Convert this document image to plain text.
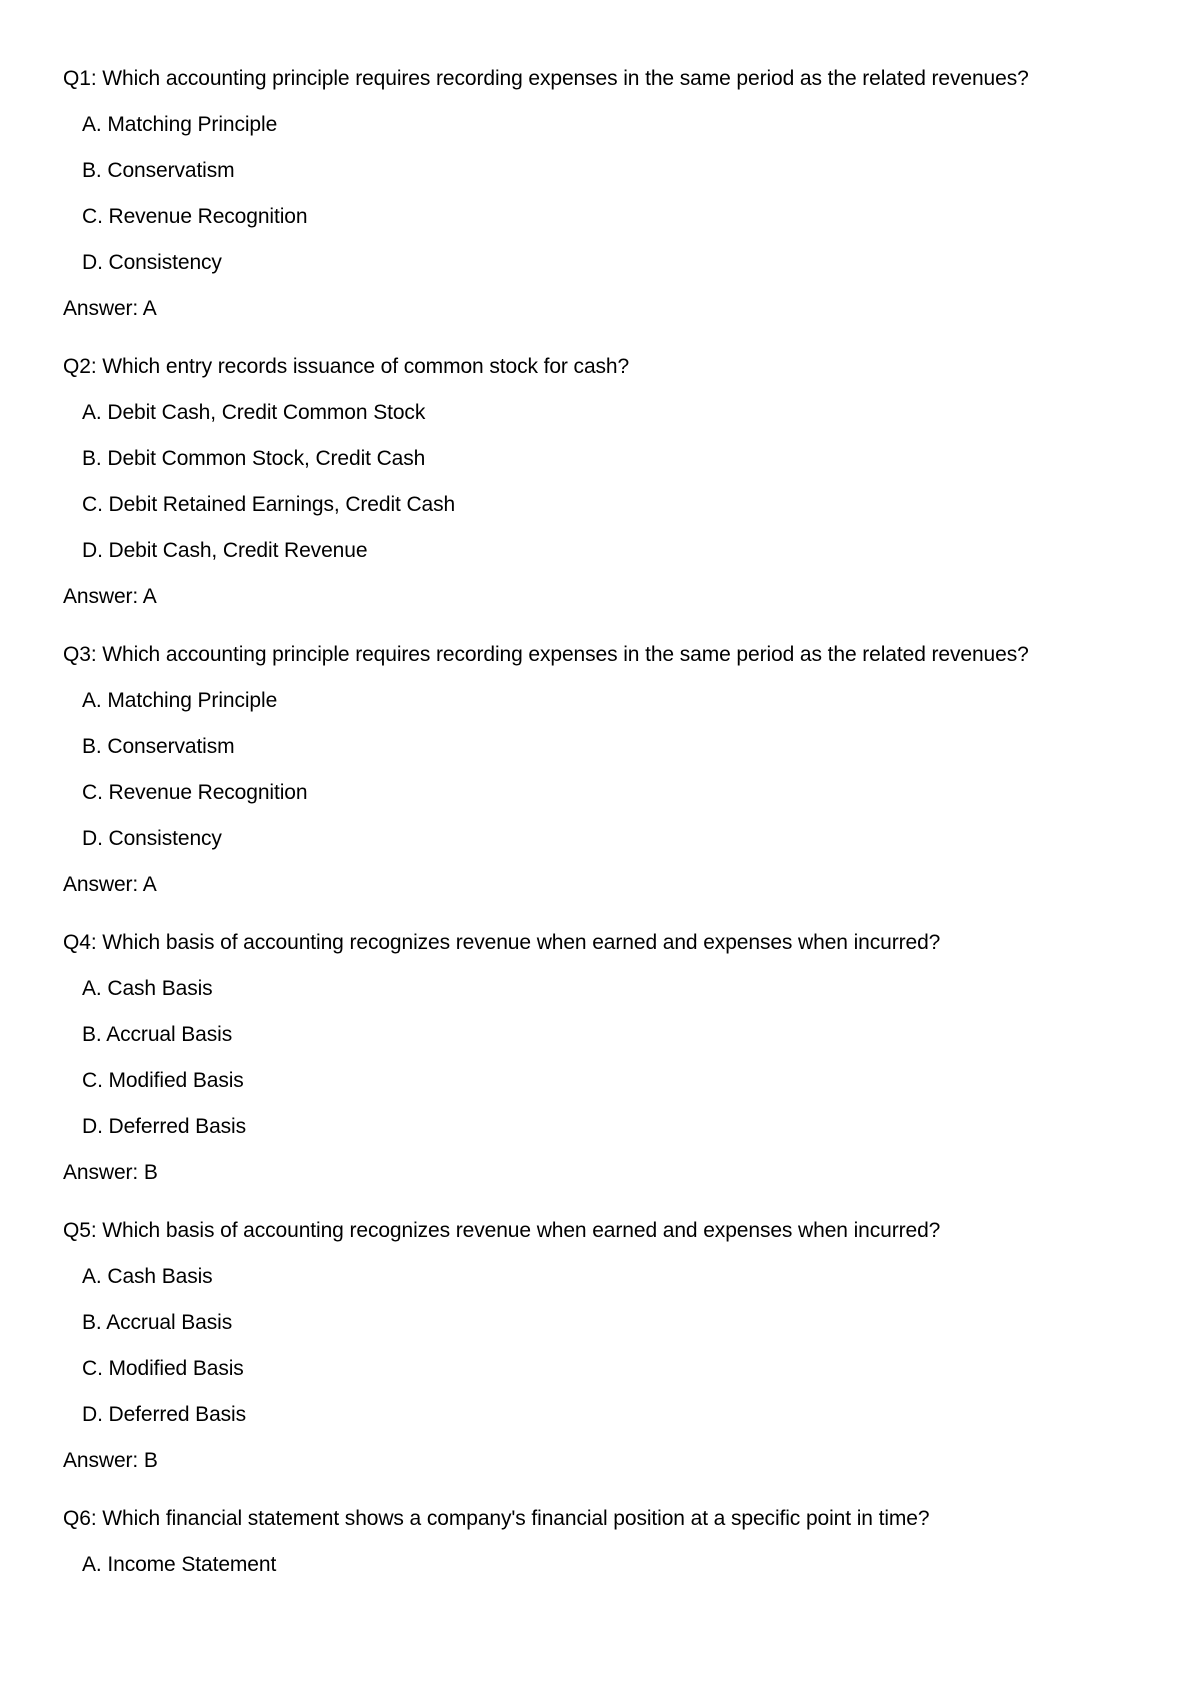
Q1: Which accounting principle requires recording expenses in the same period as the related revenues?
A. Matching Principle
B. Conservatism
C. Revenue Recognition
D. Consistency
Answer: A
Q2: Which entry records issuance of common stock for cash?
A. Debit Cash, Credit Common Stock
B. Debit Common Stock, Credit Cash
C. Debit Retained Earnings, Credit Cash
D. Debit Cash, Credit Revenue
Answer: A
Q3: Which accounting principle requires recording expenses in the same period as the related revenues?
A. Matching Principle
B. Conservatism
C. Revenue Recognition
D. Consistency
Answer: A
Q4: Which basis of accounting recognizes revenue when earned and expenses when incurred?
A. Cash Basis
B. Accrual Basis
C. Modified Basis
D. Deferred Basis
Answer: B
Q5: Which basis of accounting recognizes revenue when earned and expenses when incurred?
A. Cash Basis
B. Accrual Basis
C. Modified Basis
D. Deferred Basis
Answer: B
Q6: Which financial statement shows a company's financial position at a specific point in time?
A. Income Statement
